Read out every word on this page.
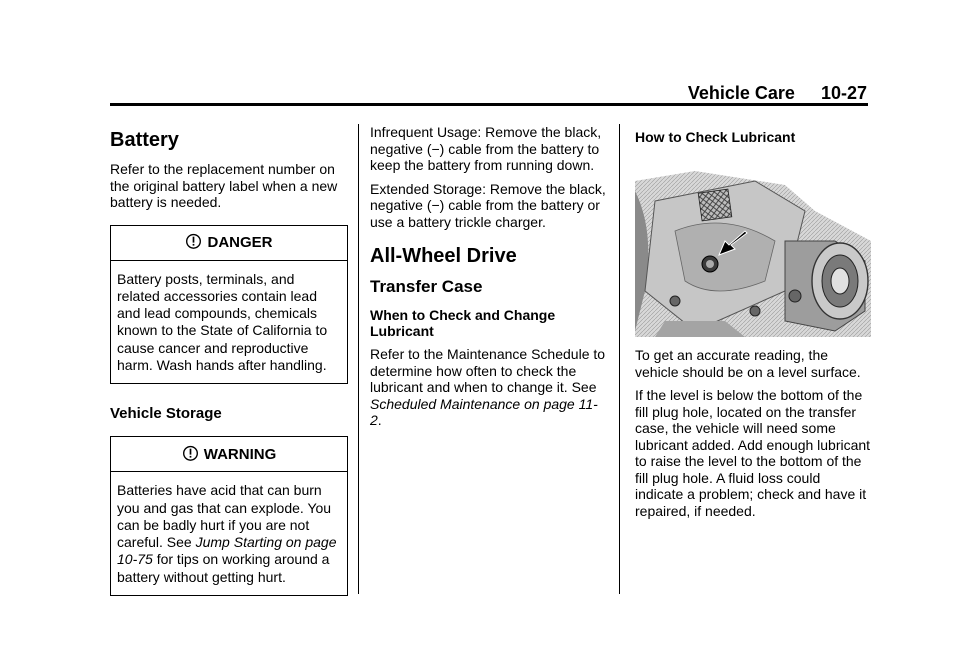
Vehicle Care 10-27
Battery

Refer to the replacement number on the original battery label when a new battery is needed.

DANGER
Battery posts, terminals, and related accessories contain lead and lead compounds, chemicals known to the State of California to cause cancer and reproductive harm. Wash hands after handling.
Vehicle Storage
WARNING
Batteries have acid that can burn you and gas that can explode. You can be badly hurt if you are not careful. See Jump Starting on page 10-75 for tips on working around a battery without getting hurt.

Infrequent Usage: Remove the black, negative (−) cable from the battery to keep the battery from running down.

Extended Storage: Remove the black, negative (−) cable from the battery or use a battery trickle charger.

All-Wheel Drive
Transfer Case
When to Check and Change Lubricant

Refer to the Maintenance Schedule to determine how often to check the lubricant and when to change it. See Scheduled Maintenance on page 11-2.

How to Check Lubricant

To get an accurate reading, the vehicle should be on a level surface.

If the level is below the bottom of the fill plug hole, located on the transfer case, the vehicle will need some lubricant added. Add enough lubricant to raise the level to the bottom of the fill plug hole. A fluid loss could indicate a problem; check and have it repaired, if needed.
